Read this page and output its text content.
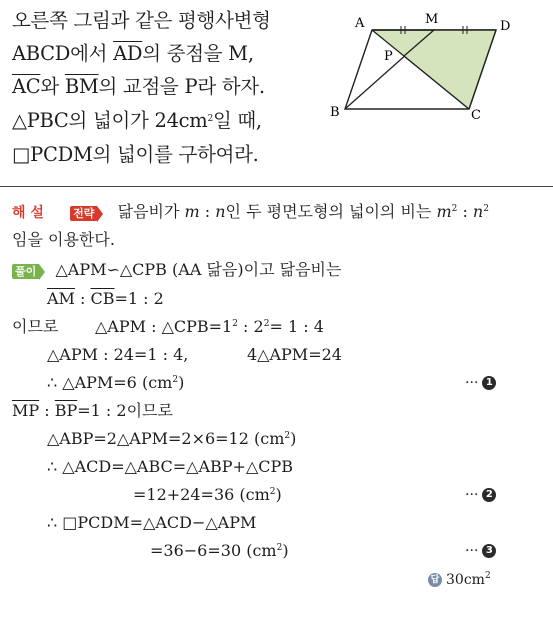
오른쪽 그림과 같은 평행사변형
ABCD에서 $\overline{AD}$의 중점을 M,
$\overline{AC}$와 $\overline{BM}$의 교점을 P라 하자.
△PBC의 넓이가 $24cm^2$일 때,
□PCDM의 넓이를 구하여라.
A	M	D
P
B	C
해 설	전략 닮음비가 m : n인 두 평면도형의 넓이의 비는 $m^2$ : $n^2$
임을 이용한다.
풀이 △APM∽△CPB (AA 닮음)이고 닮음비는
$\overline{AM}$ : $\overline{CB}=1$ : 2
이므로 △APM : $\triangle CPB=1^2$ : $2^2= 1$ : 4
△APM : 24=1 : 4,	4△APM=24
∴ △APM=6 $(cm^2)$	··· 1
$\overline{MP}$ : $\overline{BP}=1$ : 2이므로
△ABP=2△APM=2×6=12 $(cm^2)$
∴ △ACD=△ABC=△ABP+△CPB
=12+24=36 $(cm^2)$	··· 2
∴ □PCDM=△ACD−△APM
=36−6=30 $(cm^2)$	··· 3
답 $30cm^2$
